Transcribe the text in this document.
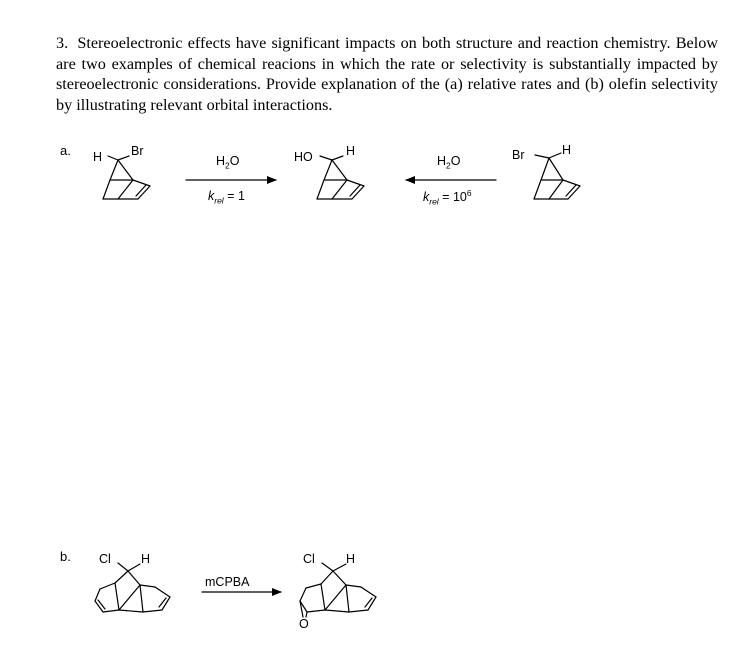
3. Stereoelectronic effects have significant impacts on both structure and reaction chemistry. Below are two examples of chemical reacions in which the rate or selectivity is substantially impacted by stereoelectronic considerations. Provide explanation of the (a) relative rates and (b) olefin selectivity by illustrating relevant orbital interactions.

a. H Br
$H_2O$
$k_{rel} = 1$
HO	H
$H_2O$
$k_{rel} = 10^6$
Br	H
b. Cl H
mCPBA
Cl H
O
